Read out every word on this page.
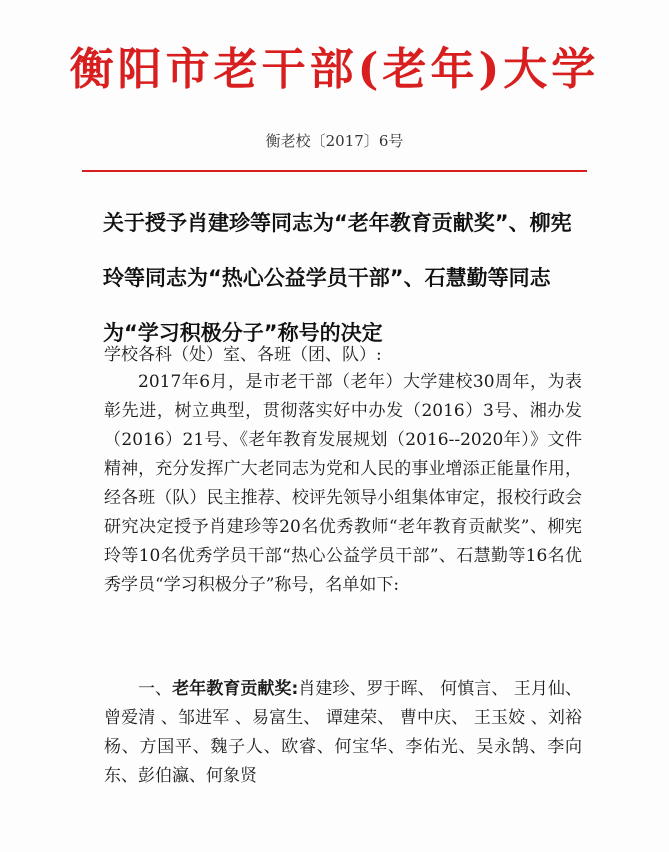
衡阳市老干部(老年)大学
衡老校〔2017〕6号
关于授予肖建珍等同志为“老年教育贡献奖”、柳宪玲等同志为“热心公益学员干部”、石慧勤等同志为“学习积极分子”称号的决定
学校各科（处）室、各班（团、队）:
2017年6月，是市老干部（老年）大学建校30周年，为表彰先进，树立典型，贯彻落实好中办发（2016）3号、湘办发（2016）21号、《老年教育发展规划（2016--2020年）》文件精神，充分发挥广大老同志为党和人民的事业增添正能量作用，经各班（队）民主推荐、校评先领导小组集体审定，报校行政会研究决定授予肖建珍等20名优秀教师“老年教育贡献奖”、柳宪玲等10名优秀学员干部“热心公益学员干部”、石慧勤等16名优秀学员“学习积极分子”称号，名单如下:
一、老年教育贡献奖:肖建珍、罗于晖、 何慎言、 王月仙、 曾爱清 、邹进军 、易富生、 谭建荣、 曹中庆、 王玉姣 、刘裕杨、方国平、魏子人、欧睿、何宝华、李佑光、吴永鹄、李向东、彭伯瀛、何象贤
